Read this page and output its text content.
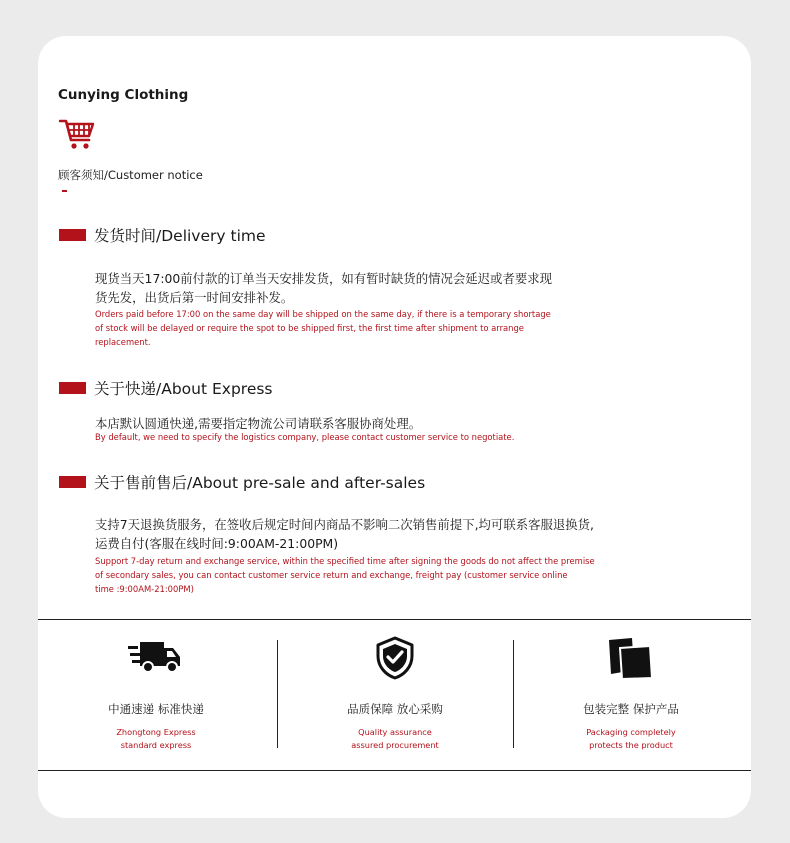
Cunying Clothing
顾客须知/Customer notice
发货时间/Delivery time
现货当天17:00前付款的订单当天安排发货，如有暂时缺货的情况会延迟或者要求现
货先发，出货后第一时间安排补发。
Orders paid before 17:00 on the same day will be shipped on the same day, if there is a temporary shortage
of stock will be delayed or require the spot to be shipped first, the first time after shipment to arrange
replacement.
关于快递/About Express
本店默认圆通快递,需要指定物流公司请联系客服协商处理。
By default, we need to specify the logistics company, please contact customer service to negotiate.
关于售前售后/About pre-sale and after-sales
支持7天退换货服务，在签收后规定时间内商品不影响二次销售前提下,均可联系客服退换货,
运费自付(客服在线时间:9:00AM-21:00PM)
Support 7-day return and exchange service, within the specified time after signing the goods do not affect the premise
of secondary sales, you can contact customer service return and exchange, freight pay (customer service online
time :9:00AM-21:00PM)
中通速递 标准快递
Zhongtong Express
standard express
品质保障 放心采购
Quality assurance
assured procurement
包装完整 保护产品
Packaging completely
protects the product
